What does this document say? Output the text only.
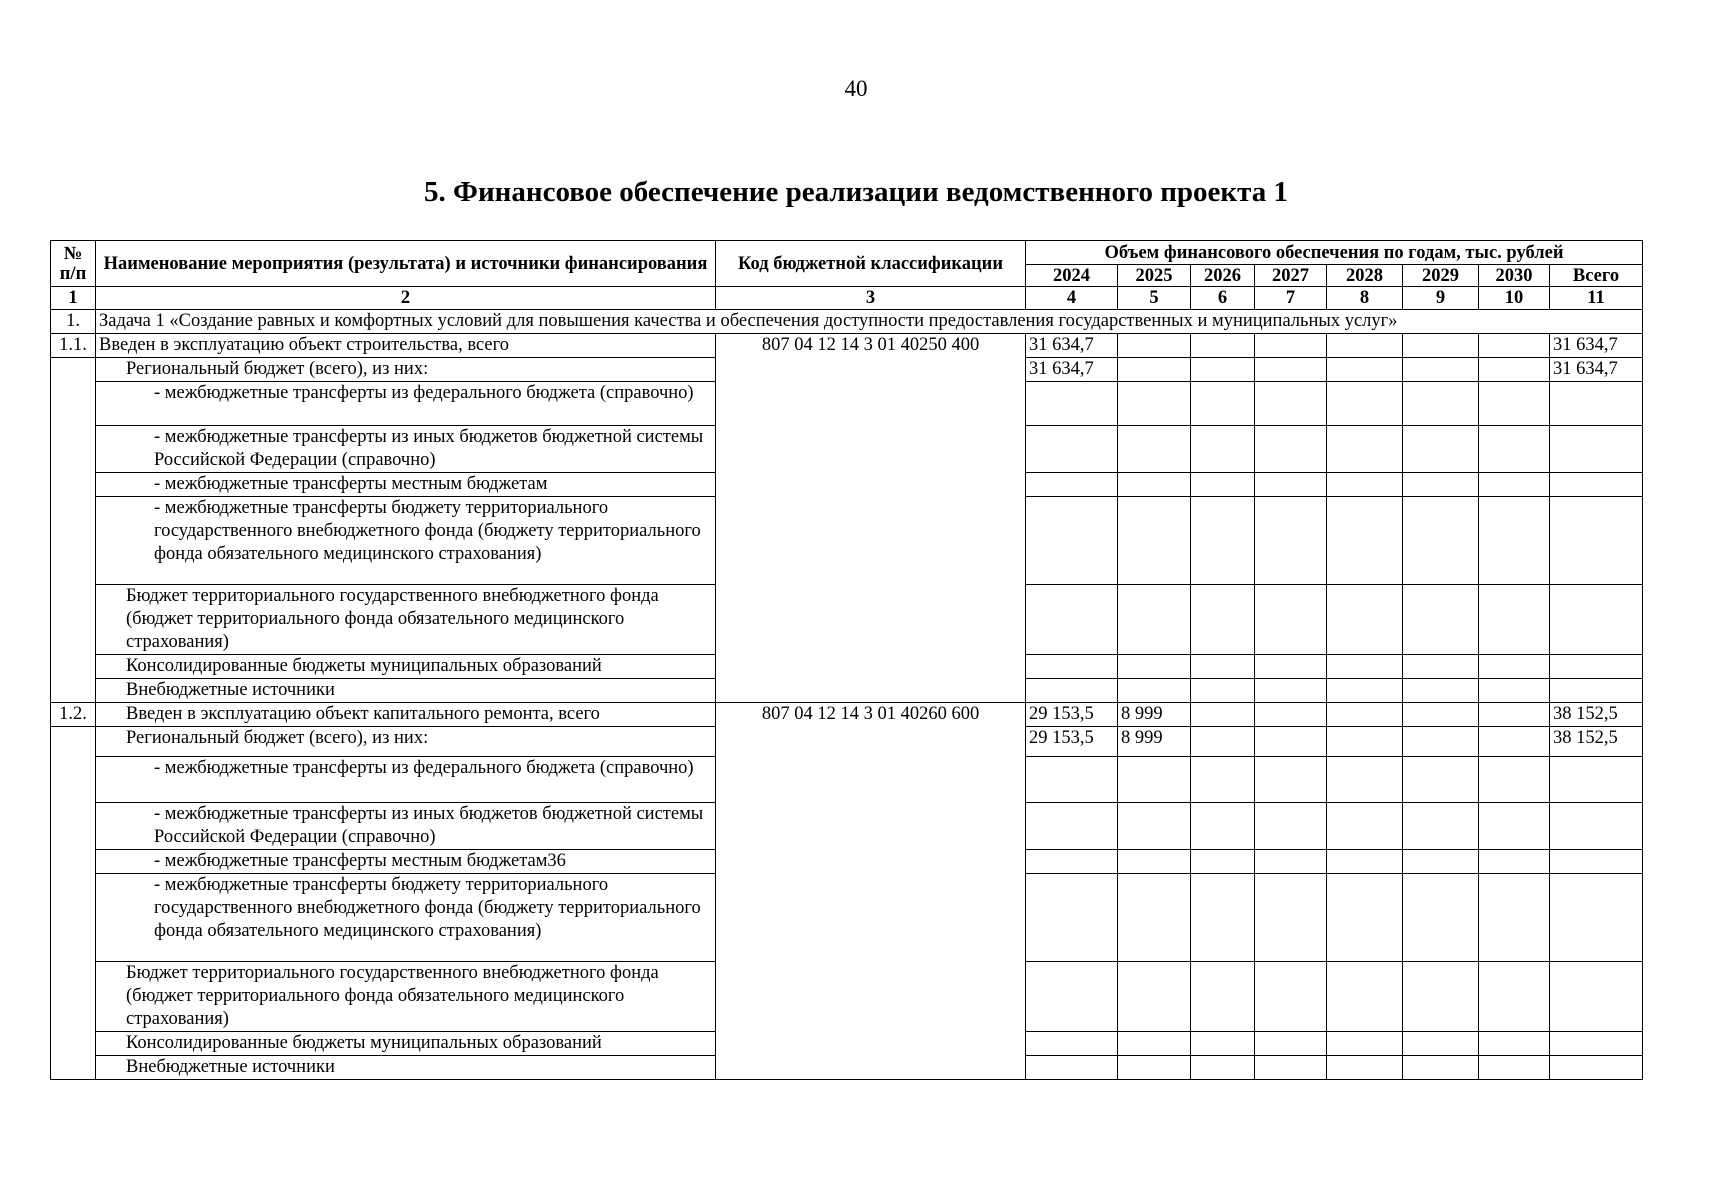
40
5. Финансовое обеспечение реализации ведомственного проекта 1
№ п/п	Наименование мероприятия (результата) и источники финансирования	Код бюджетной классификации	Объем финансового обеспечения по годам, тыс. рублей							
			2024	2025	2026	2027	2028	2029	2030	Всего
1	2	3	4	5	6	7	8	9	10	11
1.	Задача 1 «Создание равных и комфортных условий для повышения качества и обеспечения доступности предоставления государственных и муниципальных услуг»									
1.1.	Введен в эксплуатацию объект строительства, всего	807 04 12 14 3 01 40250 400	31 634,7							31 634,7
	Региональный бюджет (всего), из них:		31 634,7							31 634,7
	- межбюджетные трансферты из федерального бюджета (справочно)									
	- межбюджетные трансферты из иных бюджетов бюджетной системы Российской Федерации (справочно)									
	- межбюджетные трансферты местным бюджетам									
	- межбюджетные трансферты бюджету территориального государственного внебюджетного фонда (бюджету территориального фонда обязательного медицинского страхования)									
	Бюджет территориального государственного внебюджетного фонда (бюджет территориального фонда обязательного медицинского страхования)									
	Консолидированные бюджеты муниципальных образований									
	Внебюджетные источники									
1.2.	Введен в эксплуатацию объект капитального ремонта, всего	807 04 12 14 3 01 40260 600	29 153,5	8 999						38 152,5
	Региональный бюджет (всего), из них:		29 153,5	8 999						38 152,5
	- межбюджетные трансферты из федерального бюджета (справочно)									
	- межбюджетные трансферты из иных бюджетов бюджетной системы Российской Федерации (справочно)									
	- межбюджетные трансферты местным бюджетам36									
	- межбюджетные трансферты бюджету территориального государственного внебюджетного фонда (бюджету территориального фонда обязательного медицинского страхования)									
	Бюджет территориального государственного внебюджетного фонда (бюджет территориального фонда обязательного медицинского страхования)									
	Консолидированные бюджеты муниципальных образований									
	Внебюджетные источники									
